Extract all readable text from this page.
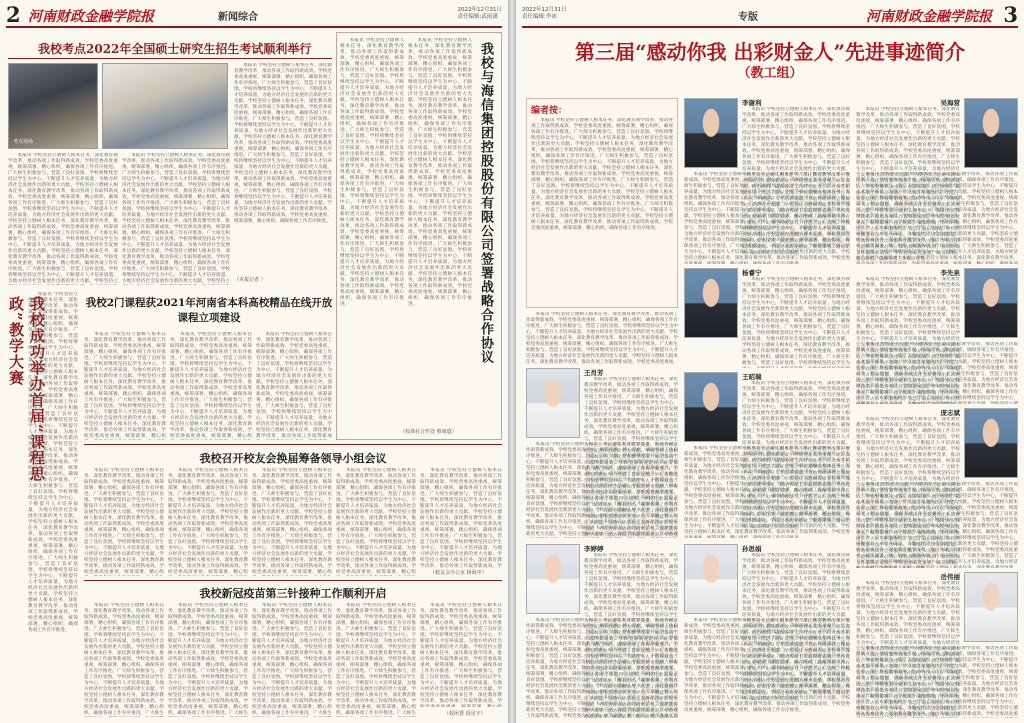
2 河南财政金融学院报	新闻综合
2022年12月31日
责任编辑:武雨潇
我校考点2022年全国硕士研究生招生考试顺利举行
考点现场
　　本报讯 学校坚持立德树人根本任务，深化教育教学改革，推动各项工作取得新成效。学校党委高度重视，统筹部署，精心组织，确保各项工作有序推进。广大师生积极参与，营造了良好氛围。学校将继续坚持以学生为中心，不断提升人才培养质量，为地方经济社会发展作出新的更大贡献。学校坚持立德树人根本任务，深化教育教学改革，推动各项工作取得新成效。学校党委高度重视，统筹部署，精心组织，确保各项工作有序推进。广大师生积极参与，营造了良好氛围。学校将继续坚持以学生为中心，不断提升人才培养质量，为地方经济社会发展作出新的更大贡献。学校坚持立德树人根本任务，深化教育教学改革，推动各项工作取得新成效。学校党委高度重视，统筹部署，精心组织，确保各项工作有序推进。广大师生积极参与，营造了良好氛围。学校将继续坚持以学生为中心，不断提升人才培养质量，为地方经济社会发展作出新的更大贡献。学校坚持立德树人根本任务，深化教育教学改革，推动各项工作取得新成效。学校党委高度重视，统筹部署，精心组织，确保各项工作有序推进。广大师生积极参与，营造了良好氛围。学校将继续坚持以学生为中心，不断提升人才培养质量，为地方经济社会发展作出新的更大贡献。学校坚持立德树人根本任务，深化教育教学改革，推动各项工作取得新成效。学校党委高度重视，统筹部署，精心组织，确保各项工作有序推进。
　　本报讯 学校坚持立德树人根本任务，深化教育教学改革，推动各项工作取得新成效。学校党委高度重视，统筹部署，精心组织，确保各项工作有序推进。广大师生积极参与，营造了良好氛围。学校将继续坚持以学生为中心，不断提升人才培养质量，为地方经济社会发展作出新的更大贡献。学校坚持立德树人根本任务，深化教育教学改革，推动各项工作取得新成效。学校党委高度重视，统筹部署，精心组织，确保各项工作有序推进。广大师生积极参与，营造了良好氛围。学校将继续坚持以学生为中心，不断提升人才培养质量，为地方经济社会发展作出新的更大贡献。学校坚持立德树人根本任务，深化教育教学改革，推动各项工作取得新成效。学校党委高度重视，统筹部署，精心组织，确保各项工作有序推进。广大师生积极参与，营造了良好氛围。学校将继续坚持以学生为中心，不断提升人才培养质量，为地方经济社会发展作出新的更大贡献。学校坚持立德树人根本任务，深化教育教学改革，推动各项工作取得新成效。学校党委高度重视，统筹部署，精心组织，确保各项工作有序推进。广大师生积极参与，营造了良好氛围。学校将继续坚持以学生为中心，不断提升人才培养质量，为地方经济社会发展作出新的更大贡献。学校坚持立德树人根本任务，深化教育教学改革，推动各项工作取得新成效。学校党委高度重视，统筹部署，精心组织，确保各项工作有序推进。
　　本报讯 学校坚持立德树人根本任务，深化教育教学改革，推动各项工作取得新成效。学校党委高度重视，统筹部署，精心组织，确保各项工作有序推进。广大师生积极参与，营造了良好氛围。学校将继续坚持以学生为中心，不断提升人才培养质量，为地方经济社会发展作出新的更大贡献。学校坚持立德树人根本任务，深化教育教学改革，推动各项工作取得新成效。学校党委高度重视，统筹部署，精心组织，确保各项工作有序推进。广大师生积极参与，营造了良好氛围。学校将继续坚持以学生为中心，不断提升人才培养质量，为地方经济社会发展作出新的更大贡献。学校坚持立德树人根本任务，深化教育教学改革，推动各项工作取得新成效。学校党委高度重视，统筹部署，精心组织，确保各项工作有序推进。广大师生积极参与，营造了良好氛围。学校将继续坚持以学生为中心，不断提升人才培养质量，为地方经济社会发展作出新的更大贡献。学校坚持立德树人根本任务，深化教育教学改革，推动各项工作取得新成效。学校党委高度重视，统筹部署，精心组织，确保各项工作有序推进。广大师生积极参与，营造了良好氛围。学校将继续坚持以学生为中心，不断提升人才培养质量，为地方经济社会发展作出新的更大贡献。学校坚持立德树人根本任务，深化教育教学改革，推动各项工作取得新成效。学校党委高度重视，统筹部署，精心组织，确保各项工作有序推进。
（本报记者 ）	我校与海信集团控股股份有限公司签署战略合作协议
　　本报讯 学校坚持立德树人根本任务，深化教育教学改革，推动各项工作取得新成效。学校党委高度重视，统筹部署，精心组织，确保各项工作有序推进。广大师生积极参与，营造了良好氛围。学校将继续坚持以学生为中心，不断提升人才培养质量，为地方经济社会发展作出新的更大贡献。学校坚持立德树人根本任务，深化教育教学改革，推动各项工作取得新成效。学校党委高度重视，统筹部署，精心组织，确保各项工作有序推进。广大师生积极参与，营造了良好氛围。学校将继续坚持以学生为中心，不断提升人才培养质量，为地方经济社会发展作出新的更大贡献。学校坚持立德树人根本任务，深化教育教学改革，推动各项工作取得新成效。学校党委高度重视，统筹部署，精心组织，确保各项工作有序推进。广大师生积极参与，营造了良好氛围。学校将继续坚持以学生为中心，不断提升人才培养质量，为地方经济社会发展作出新的更大贡献。学校坚持立德树人根本任务，深化教育教学改革，推动各项工作取得新成效。学校党委高度重视，统筹部署，精心组织，确保各项工作有序推进。广大师生积极参与，营造了良好氛围。学校将继续坚持以学生为中心，不断提升人才培养质量，为地方经济社会发展作出新的更大贡献。学校坚持立德树人根本任务，深化教育教学改革，推动各项工作取得新成效。学校党委高度重视，统筹部署，精心组织，确保各项工作有序推进。
　　本报讯 学校坚持立德树人根本任务，深化教育教学改革，推动各项工作取得新成效。学校党委高度重视，统筹部署，精心组织，确保各项工作有序推进。广大师生积极参与，营造了良好氛围。学校将继续坚持以学生为中心，不断提升人才培养质量，为地方经济社会发展作出新的更大贡献。学校坚持立德树人根本任务，深化教育教学改革，推动各项工作取得新成效。学校党委高度重视，统筹部署，精心组织，确保各项工作有序推进。广大师生积极参与，营造了良好氛围。学校将继续坚持以学生为中心，不断提升人才培养质量，为地方经济社会发展作出新的更大贡献。学校坚持立德树人根本任务，深化教育教学改革，推动各项工作取得新成效。学校党委高度重视，统筹部署，精心组织，确保各项工作有序推进。广大师生积极参与，营造了良好氛围。学校将继续坚持以学生为中心，不断提升人才培养质量，为地方经济社会发展作出新的更大贡献。学校坚持立德树人根本任务，深化教育教学改革，推动各项工作取得新成效。学校党委高度重视，统筹部署，精心组织，确保各项工作有序推进。广大师生积极参与，营造了良好氛围。学校将继续坚持以学生为中心，不断提升人才培养质量，为地方经济社会发展作出新的更大贡献。学校坚持立德树人根本任务，深化教育教学改革，推动各项工作取得新成效。学校党委高度重视，统筹部署，精心组织，确保各项工作有序推进。
（校战社合作处 蔡康道）
我校成功举办首届“课程思政”教学大赛 　　本报讯 学校坚持立德树人根本任务，深化教育教学改革，推动各项工作取得新成效。学校党委高度重视，统筹部署，精心组织，确保各项工作有序推进。广大师生积极参与，营造了良好氛围。学校将继续坚持以学生为中心，不断提升人才培养质量，为地方经济社会发展作出新的更大贡献。学校坚持立德树人根本任务，深化教育教学改革，推动各项工作取得新成效。学校党委高度重视，统筹部署，精心组织，确保各项工作有序推进。广大师生积极参与，营造了良好氛围。学校将继续坚持以学生为中心，不断提升人才培养质量，为地方经济社会发展作出新的更大贡献。学校坚持立德树人根本任务，深化教育教学改革，推动各项工作取得新成效。学校党委高度重视，统筹部署，精心组织，确保各项工作有序推进。广大师生积极参与，营造了良好氛围。学校将继续坚持以学生为中心，不断提升人才培养质量，为地方经济社会发展作出新的更大贡献。学校坚持立德树人根本任务，深化教育教学改革，推动各项工作取得新成效。学校党委高度重视，统筹部署，精心组织，确保各项工作有序推进。广大师生积极参与，营造了良好氛围。学校将继续坚持以学生为中心，不断提升人才培养质量，为地方经济社会发展作出新的更大贡献。学校坚持立德树人根本任务，深化教育教学改革，推动各项工作取得新成效。学校党委高度重视，统筹部署，精心组织，确保各项工作有序推进。	我校2门课程获2021年河南省本科高校精品在线开放课程立项建设
　　本报讯 学校坚持立德树人根本任务，深化教育教学改革，推动各项工作取得新成效。学校党委高度重视，统筹部署，精心组织，确保各项工作有序推进。广大师生积极参与，营造了良好氛围。学校将继续坚持以学生为中心，不断提升人才培养质量，为地方经济社会发展作出新的更大贡献。学校坚持立德树人根本任务，深化教育教学改革，推动各项工作取得新成效。学校党委高度重视，统筹部署，精心组织，确保各项工作有序推进。广大师生积极参与，营造了良好氛围。学校将继续坚持以学生为中心，不断提升人才培养质量，为地方经济社会发展作出新的更大贡献。学校坚持立德树人根本任务，深化教育教学改革，推动各项工作取得新成效。学校党委高度重视，统筹部署，精心组织，确保各项工作有序推进。广大师生积极参与，营造了良好氛围。学校将继续坚持以学生为中心，不断提升人才培养质量，为地方经济社会发展作出新的更大贡献。学校坚持立德树人根本任务，深化教育教学改革，推动各项工作取得新成效。学校党委高度重视，统筹部署，精心组织，确保各项工作有序推进。广大师生积极参与，营造了良好氛围。学校将继续坚持以学生为中心，不断提升人才培养质量，为地方经济社会发展作出新的更大贡献。学校坚持立德树人根本任务，深化教育教学改革，推动各项工作取得新成效。学校党委高度重视，统筹部署，精心组织，确保各项工作有序推进。
　　本报讯 学校坚持立德树人根本任务，深化教育教学改革，推动各项工作取得新成效。学校党委高度重视，统筹部署，精心组织，确保各项工作有序推进。广大师生积极参与，营造了良好氛围。学校将继续坚持以学生为中心，不断提升人才培养质量，为地方经济社会发展作出新的更大贡献。学校坚持立德树人根本任务，深化教育教学改革，推动各项工作取得新成效。学校党委高度重视，统筹部署，精心组织，确保各项工作有序推进。广大师生积极参与，营造了良好氛围。学校将继续坚持以学生为中心，不断提升人才培养质量，为地方经济社会发展作出新的更大贡献。学校坚持立德树人根本任务，深化教育教学改革，推动各项工作取得新成效。学校党委高度重视，统筹部署，精心组织，确保各项工作有序推进。广大师生积极参与，营造了良好氛围。学校将继续坚持以学生为中心，不断提升人才培养质量，为地方经济社会发展作出新的更大贡献。学校坚持立德树人根本任务，深化教育教学改革，推动各项工作取得新成效。学校党委高度重视，统筹部署，精心组织，确保各项工作有序推进。广大师生积极参与，营造了良好氛围。学校将继续坚持以学生为中心，不断提升人才培养质量，为地方经济社会发展作出新的更大贡献。学校坚持立德树人根本任务，深化教育教学改革，推动各项工作取得新成效。学校党委高度重视，统筹部署，精心组织，确保各项工作有序推进。
　　本报讯 学校坚持立德树人根本任务，深化教育教学改革，推动各项工作取得新成效。学校党委高度重视，统筹部署，精心组织，确保各项工作有序推进。广大师生积极参与，营造了良好氛围。学校将继续坚持以学生为中心，不断提升人才培养质量，为地方经济社会发展作出新的更大贡献。学校坚持立德树人根本任务，深化教育教学改革，推动各项工作取得新成效。学校党委高度重视，统筹部署，精心组织，确保各项工作有序推进。广大师生积极参与，营造了良好氛围。学校将继续坚持以学生为中心，不断提升人才培养质量，为地方经济社会发展作出新的更大贡献。学校坚持立德树人根本任务，深化教育教学改革，推动各项工作取得新成效。学校党委高度重视，统筹部署，精心组织，确保各项工作有序推进。广大师生积极参与，营造了良好氛围。学校将继续坚持以学生为中心，不断提升人才培养质量，为地方经济社会发展作出新的更大贡献。学校坚持立德树人根本任务，深化教育教学改革，推动各项工作取得新成效。学校党委高度重视，统筹部署，精心组织，确保各项工作有序推进。广大师生积极参与，营造了良好氛围。学校将继续坚持以学生为中心，不断提升人才培养质量，为地方经济社会发展作出新的更大贡献。学校坚持立德树人根本任务，深化教育教学改革，推动各项工作取得新成效。学校党委高度重视，统筹部署，精心组织，确保各项工作有序推进。
我校召开校友会换届筹备领导小组会议
　　本报讯 学校坚持立德树人根本任务，深化教育教学改革，推动各项工作取得新成效。学校党委高度重视，统筹部署，精心组织，确保各项工作有序推进。广大师生积极参与，营造了良好氛围。学校将继续坚持以学生为中心，不断提升人才培养质量，为地方经济社会发展作出新的更大贡献。学校坚持立德树人根本任务，深化教育教学改革，推动各项工作取得新成效。学校党委高度重视，统筹部署，精心组织，确保各项工作有序推进。广大师生积极参与，营造了良好氛围。学校将继续坚持以学生为中心，不断提升人才培养质量，为地方经济社会发展作出新的更大贡献。学校坚持立德树人根本任务，深化教育教学改革，推动各项工作取得新成效。学校党委高度重视，统筹部署，精心组织，确保各项工作有序推进。广大师生积极参与，营造了良好氛围。学校将继续坚持以学生为中心，不断提升人才培养质量，为地方经济社会发展作出新的更大贡献。学校坚持立德树人根本任务，深化教育教学改革，推动各项工作取得新成效。学校党委高度重视，统筹部署，精心组织，确保各项工作有序推进。广大师生积极参与，营造了良好氛围。学校将继续坚持以学生为中心，不断提升人才培养质量，为地方经济社会发展作出新的更大贡献。学校坚持立德树人根本任务，深化教育教学改革，推动各项工作取得新成效。学校党委高度重视，统筹部署，精心组织，确保各项工作有序推进。
　　本报讯 学校坚持立德树人根本任务，深化教育教学改革，推动各项工作取得新成效。学校党委高度重视，统筹部署，精心组织，确保各项工作有序推进。广大师生积极参与，营造了良好氛围。学校将继续坚持以学生为中心，不断提升人才培养质量，为地方经济社会发展作出新的更大贡献。学校坚持立德树人根本任务，深化教育教学改革，推动各项工作取得新成效。学校党委高度重视，统筹部署，精心组织，确保各项工作有序推进。广大师生积极参与，营造了良好氛围。学校将继续坚持以学生为中心，不断提升人才培养质量，为地方经济社会发展作出新的更大贡献。学校坚持立德树人根本任务，深化教育教学改革，推动各项工作取得新成效。学校党委高度重视，统筹部署，精心组织，确保各项工作有序推进。广大师生积极参与，营造了良好氛围。学校将继续坚持以学生为中心，不断提升人才培养质量，为地方经济社会发展作出新的更大贡献。学校坚持立德树人根本任务，深化教育教学改革，推动各项工作取得新成效。学校党委高度重视，统筹部署，精心组织，确保各项工作有序推进。广大师生积极参与，营造了良好氛围。学校将继续坚持以学生为中心，不断提升人才培养质量，为地方经济社会发展作出新的更大贡献。学校坚持立德树人根本任务，深化教育教学改革，推动各项工作取得新成效。学校党委高度重视，统筹部署，精心组织，确保各项工作有序推进。
　　本报讯 学校坚持立德树人根本任务，深化教育教学改革，推动各项工作取得新成效。学校党委高度重视，统筹部署，精心组织，确保各项工作有序推进。广大师生积极参与，营造了良好氛围。学校将继续坚持以学生为中心，不断提升人才培养质量，为地方经济社会发展作出新的更大贡献。学校坚持立德树人根本任务，深化教育教学改革，推动各项工作取得新成效。学校党委高度重视，统筹部署，精心组织，确保各项工作有序推进。广大师生积极参与，营造了良好氛围。学校将继续坚持以学生为中心，不断提升人才培养质量，为地方经济社会发展作出新的更大贡献。学校坚持立德树人根本任务，深化教育教学改革，推动各项工作取得新成效。学校党委高度重视，统筹部署，精心组织，确保各项工作有序推进。广大师生积极参与，营造了良好氛围。学校将继续坚持以学生为中心，不断提升人才培养质量，为地方经济社会发展作出新的更大贡献。学校坚持立德树人根本任务，深化教育教学改革，推动各项工作取得新成效。学校党委高度重视，统筹部署，精心组织，确保各项工作有序推进。广大师生积极参与，营造了良好氛围。学校将继续坚持以学生为中心，不断提升人才培养质量，为地方经济社会发展作出新的更大贡献。学校坚持立德树人根本任务，深化教育教学改革，推动各项工作取得新成效。学校党委高度重视，统筹部署，精心组织，确保各项工作有序推进。
　　本报讯 学校坚持立德树人根本任务，深化教育教学改革，推动各项工作取得新成效。学校党委高度重视，统筹部署，精心组织，确保各项工作有序推进。广大师生积极参与，营造了良好氛围。学校将继续坚持以学生为中心，不断提升人才培养质量，为地方经济社会发展作出新的更大贡献。学校坚持立德树人根本任务，深化教育教学改革，推动各项工作取得新成效。学校党委高度重视，统筹部署，精心组织，确保各项工作有序推进。广大师生积极参与，营造了良好氛围。学校将继续坚持以学生为中心，不断提升人才培养质量，为地方经济社会发展作出新的更大贡献。学校坚持立德树人根本任务，深化教育教学改革，推动各项工作取得新成效。学校党委高度重视，统筹部署，精心组织，确保各项工作有序推进。广大师生积极参与，营造了良好氛围。学校将继续坚持以学生为中心，不断提升人才培养质量，为地方经济社会发展作出新的更大贡献。学校坚持立德树人根本任务，深化教育教学改革，推动各项工作取得新成效。学校党委高度重视，统筹部署，精心组织，确保各项工作有序推进。广大师生积极参与，营造了良好氛围。学校将继续坚持以学生为中心，不断提升人才培养质量，为地方经济社会发展作出新的更大贡献。学校坚持立德树人根本任务，深化教育教学改革，推动各项工作取得新成效。学校党委高度重视，统筹部署，精心组织，确保各项工作有序推进。
　　本报讯 学校坚持立德树人根本任务，深化教育教学改革，推动各项工作取得新成效。学校党委高度重视，统筹部署，精心组织，确保各项工作有序推进。广大师生积极参与，营造了良好氛围。学校将继续坚持以学生为中心，不断提升人才培养质量，为地方经济社会发展作出新的更大贡献。学校坚持立德树人根本任务，深化教育教学改革，推动各项工作取得新成效。学校党委高度重视，统筹部署，精心组织，确保各项工作有序推进。广大师生积极参与，营造了良好氛围。学校将继续坚持以学生为中心，不断提升人才培养质量，为地方经济社会发展作出新的更大贡献。学校坚持立德树人根本任务，深化教育教学改革，推动各项工作取得新成效。学校党委高度重视，统筹部署，精心组织，确保各项工作有序推进。广大师生积极参与，营造了良好氛围。学校将继续坚持以学生为中心，不断提升人才培养质量，为地方经济社会发展作出新的更大贡献。学校坚持立德树人根本任务，深化教育教学改革，推动各项工作取得新成效。学校党委高度重视，统筹部署，精心组织，确保各项工作有序推进。广大师生积极参与，营造了良好氛围。学校将继续坚持以学生为中心，不断提升人才培养质量，为地方经济社会发展作出新的更大贡献。学校坚持立德树人根本任务，深化教育教学改革，推动各项工作取得新成效。学校党委高度重视，统筹部署，精心组织，确保各项工作有序推进。
（校友会办公室 杨海中）
我校新冠疫苗第三针接种工作顺利开启
　　本报讯 学校坚持立德树人根本任务，深化教育教学改革，推动各项工作取得新成效。学校党委高度重视，统筹部署，精心组织，确保各项工作有序推进。广大师生积极参与，营造了良好氛围。学校将继续坚持以学生为中心，不断提升人才培养质量，为地方经济社会发展作出新的更大贡献。学校坚持立德树人根本任务，深化教育教学改革，推动各项工作取得新成效。学校党委高度重视，统筹部署，精心组织，确保各项工作有序推进。广大师生积极参与，营造了良好氛围。学校将继续坚持以学生为中心，不断提升人才培养质量，为地方经济社会发展作出新的更大贡献。学校坚持立德树人根本任务，深化教育教学改革，推动各项工作取得新成效。学校党委高度重视，统筹部署，精心组织，确保各项工作有序推进。广大师生积极参与，营造了良好氛围。学校将继续坚持以学生为中心，不断提升人才培养质量，为地方经济社会发展作出新的更大贡献。学校坚持立德树人根本任务，深化教育教学改革，推动各项工作取得新成效。学校党委高度重视，统筹部署，精心组织，确保各项工作有序推进。广大师生积极参与，营造了良好氛围。学校将继续坚持以学生为中心，不断提升人才培养质量，为地方经济社会发展作出新的更大贡献。学校坚持立德树人根本任务，深化教育教学改革，推动各项工作取得新成效。学校党委高度重视，统筹部署，精心组织，确保各项工作有序推进。
　　本报讯 学校坚持立德树人根本任务，深化教育教学改革，推动各项工作取得新成效。学校党委高度重视，统筹部署，精心组织，确保各项工作有序推进。广大师生积极参与，营造了良好氛围。学校将继续坚持以学生为中心，不断提升人才培养质量，为地方经济社会发展作出新的更大贡献。学校坚持立德树人根本任务，深化教育教学改革，推动各项工作取得新成效。学校党委高度重视，统筹部署，精心组织，确保各项工作有序推进。广大师生积极参与，营造了良好氛围。学校将继续坚持以学生为中心，不断提升人才培养质量，为地方经济社会发展作出新的更大贡献。学校坚持立德树人根本任务，深化教育教学改革，推动各项工作取得新成效。学校党委高度重视，统筹部署，精心组织，确保各项工作有序推进。广大师生积极参与，营造了良好氛围。学校将继续坚持以学生为中心，不断提升人才培养质量，为地方经济社会发展作出新的更大贡献。学校坚持立德树人根本任务，深化教育教学改革，推动各项工作取得新成效。学校党委高度重视，统筹部署，精心组织，确保各项工作有序推进。广大师生积极参与，营造了良好氛围。学校将继续坚持以学生为中心，不断提升人才培养质量，为地方经济社会发展作出新的更大贡献。学校坚持立德树人根本任务，深化教育教学改革，推动各项工作取得新成效。学校党委高度重视，统筹部署，精心组织，确保各项工作有序推进。
　　本报讯 学校坚持立德树人根本任务，深化教育教学改革，推动各项工作取得新成效。学校党委高度重视，统筹部署，精心组织，确保各项工作有序推进。广大师生积极参与，营造了良好氛围。学校将继续坚持以学生为中心，不断提升人才培养质量，为地方经济社会发展作出新的更大贡献。学校坚持立德树人根本任务，深化教育教学改革，推动各项工作取得新成效。学校党委高度重视，统筹部署，精心组织，确保各项工作有序推进。广大师生积极参与，营造了良好氛围。学校将继续坚持以学生为中心，不断提升人才培养质量，为地方经济社会发展作出新的更大贡献。学校坚持立德树人根本任务，深化教育教学改革，推动各项工作取得新成效。学校党委高度重视，统筹部署，精心组织，确保各项工作有序推进。广大师生积极参与，营造了良好氛围。学校将继续坚持以学生为中心，不断提升人才培养质量，为地方经济社会发展作出新的更大贡献。学校坚持立德树人根本任务，深化教育教学改革，推动各项工作取得新成效。学校党委高度重视，统筹部署，精心组织，确保各项工作有序推进。广大师生积极参与，营造了良好氛围。学校将继续坚持以学生为中心，不断提升人才培养质量，为地方经济社会发展作出新的更大贡献。学校坚持立德树人根本任务，深化教育教学改革，推动各项工作取得新成效。学校党委高度重视，统筹部署，精心组织，确保各项工作有序推进。
　　本报讯 学校坚持立德树人根本任务，深化教育教学改革，推动各项工作取得新成效。学校党委高度重视，统筹部署，精心组织，确保各项工作有序推进。广大师生积极参与，营造了良好氛围。学校将继续坚持以学生为中心，不断提升人才培养质量，为地方经济社会发展作出新的更大贡献。学校坚持立德树人根本任务，深化教育教学改革，推动各项工作取得新成效。学校党委高度重视，统筹部署，精心组织，确保各项工作有序推进。广大师生积极参与，营造了良好氛围。学校将继续坚持以学生为中心，不断提升人才培养质量，为地方经济社会发展作出新的更大贡献。学校坚持立德树人根本任务，深化教育教学改革，推动各项工作取得新成效。学校党委高度重视，统筹部署，精心组织，确保各项工作有序推进。广大师生积极参与，营造了良好氛围。学校将继续坚持以学生为中心，不断提升人才培养质量，为地方经济社会发展作出新的更大贡献。学校坚持立德树人根本任务，深化教育教学改革，推动各项工作取得新成效。学校党委高度重视，统筹部署，精心组织，确保各项工作有序推进。广大师生积极参与，营造了良好氛围。学校将继续坚持以学生为中心，不断提升人才培养质量，为地方经济社会发展作出新的更大贡献。学校坚持立德树人根本任务，深化教育教学改革，推动各项工作取得新成效。学校党委高度重视，统筹部署，精心组织，确保各项工作有序推进。
　　本报讯 学校坚持立德树人根本任务，深化教育教学改革，推动各项工作取得新成效。学校党委高度重视，统筹部署，精心组织，确保各项工作有序推进。广大师生积极参与，营造了良好氛围。学校将继续坚持以学生为中心，不断提升人才培养质量，为地方经济社会发展作出新的更大贡献。学校坚持立德树人根本任务，深化教育教学改革，推动各项工作取得新成效。学校党委高度重视，统筹部署，精心组织，确保各项工作有序推进。广大师生积极参与，营造了良好氛围。学校将继续坚持以学生为中心，不断提升人才培养质量，为地方经济社会发展作出新的更大贡献。学校坚持立德树人根本任务，深化教育教学改革，推动各项工作取得新成效。学校党委高度重视，统筹部署，精心组织，确保各项工作有序推进。广大师生积极参与，营造了良好氛围。学校将继续坚持以学生为中心，不断提升人才培养质量，为地方经济社会发展作出新的更大贡献。学校坚持立德树人根本任务，深化教育教学改革，推动各项工作取得新成效。学校党委高度重视，统筹部署，精心组织，确保各项工作有序推进。广大师生积极参与，营造了良好氛围。学校将继续坚持以学生为中心，不断提升人才培养质量，为地方经济社会发展作出新的更大贡献。学校坚持立德树人根本任务，深化教育教学改革，推动各项工作取得新成效。学校党委高度重视，统筹部署，精心组织，确保各项工作有序推进。
（校团委 段星宇）
2022年12月31日
责任编辑:李冰	专版	河南财政金融学院报 3
第三届“感动你我 出彩财金人”先进事迹简介
（教工组）
编者按：
　　本报讯 学校坚持立德树人根本任务，深化教育教学改革，推动各项工作取得新成效。学校党委高度重视，统筹部署，精心组织，确保各项工作有序推进。广大师生积极参与，营造了良好氛围。学校将继续坚持以学生为中心，不断提升人才培养质量，为地方经济社会发展作出新的更大贡献。学校坚持立德树人根本任务，深化教育教学改革，推动各项工作取得新成效。学校党委高度重视，统筹部署，精心组织，确保各项工作有序推进。广大师生积极参与，营造了良好氛围。学校将继续坚持以学生为中心，不断提升人才培养质量，为地方经济社会发展作出新的更大贡献。学校坚持立德树人根本任务，深化教育教学改革，推动各项工作取得新成效。学校党委高度重视，统筹部署，精心组织，确保各项工作有序推进。广大师生积极参与，营造了良好氛围。学校将继续坚持以学生为中心，不断提升人才培养质量，为地方经济社会发展作出新的更大贡献。学校坚持立德树人根本任务，深化教育教学改革，推动各项工作取得新成效。学校党委高度重视，统筹部署，精心组织，确保各项工作有序推进。广大师生积极参与，营造了良好氛围。学校将继续坚持以学生为中心，不断提升人才培养质量，为地方经济社会发展作出新的更大贡献。学校坚持立德树人根本任务，深化教育教学改革，推动各项工作取得新成效。学校党委高度重视，统筹部署，精心组织，确保各项工作有序推进。
　　本报讯 学校坚持立德树人根本任务，深化教育教学改革，推动各项工作取得新成效。学校党委高度重视，统筹部署，精心组织，确保各项工作有序推进。广大师生积极参与，营造了良好氛围。学校将继续坚持以学生为中心，不断提升人才培养质量，为地方经济社会发展作出新的更大贡献。学校坚持立德树人根本任务，深化教育教学改革，推动各项工作取得新成效。学校党委高度重视，统筹部署，精心组织，确保各项工作有序推进。广大师生积极参与，营造了良好氛围。学校将继续坚持以学生为中心，不断提升人才培养质量，为地方经济社会发展作出新的更大贡献。学校坚持立德树人根本任务，深化教育教学改革，推动各项工作取得新成效。学校党委高度重视，统筹部署，精心组织，确保各项工作有序推进。广大师生积极参与，营造了良好氛围。学校将继续坚持以学生为中心，不断提升人才培养质量，为地方经济社会发展作出新的更大贡献。学校坚持立德树人根本任务，深化教育教学改革，推动各项工作取得新成效。学校党委高度重视，统筹部署，精心组织，确保各项工作有序推进。广大师生积极参与，营造了良好氛围。学校将继续坚持以学生为中心，不断提升人才培养质量，为地方经济社会发展作出新的更大贡献。学校坚持立德树人根本任务，深化教育教学改革，推动各项工作取得新成效。学校党委高度重视，统筹部署，精心组织，确保各项工作有序推进。
李谢利
　　本报讯 学校坚持立德树人根本任务，深化教育教学改革，推动各项工作取得新成效。学校党委高度重视，统筹部署，精心组织，确保各项工作有序推进。广大师生积极参与，营造了良好氛围。学校将继续坚持以学生为中心，不断提升人才培养质量，为地方经济社会发展作出新的更大贡献。学校坚持立德树人根本任务，深化教育教学改革，推动各项工作取得新成效。学校党委高度重视，统筹部署，精心组织，确保各项工作有序推进。广大师生积极参与，营造了良好氛围。学校将继续坚持以学生为中心，不断提升人才培养质量，为地方经济社会发展作出新的更大贡献。学校坚持立德树人根本任务，深化教育教学改革，推动各项工作取得新成效。学校党委高度重视，统筹部署，精心组织，确保各项工作有序推进。广大师生积极参与，营造了良好氛围。学校将继续坚持以学生为中心，不断提升人才培养质量，为地方经济社会发展作出新的更大贡献。学校坚持立德树人根本任务，深化教育教学改革，推动各项工作取得新成效。学校党委高度重视，统筹部署，精心组织，确保各项工作有序推进。广大师生积极参与，营造了良好氛围。学校将继续坚持以学生为中心，不断提升人才培养质量，为地方经济社会发展作出新的更大贡献。学校坚持立德树人根本任务，深化教育教学改革，推动各项工作取得新成效。学校党委高度重视，统筹部署，精心组织，确保各项工作有序推进。
　　本报讯 学校坚持立德树人根本任务，深化教育教学改革，推动各项工作取得新成效。学校党委高度重视，统筹部署，精心组织，确保各项工作有序推进。广大师生积极参与，营造了良好氛围。学校将继续坚持以学生为中心，不断提升人才培养质量，为地方经济社会发展作出新的更大贡献。学校坚持立德树人根本任务，深化教育教学改革，推动各项工作取得新成效。学校党委高度重视，统筹部署，精心组织，确保各项工作有序推进。广大师生积极参与，营造了良好氛围。学校将继续坚持以学生为中心，不断提升人才培养质量，为地方经济社会发展作出新的更大贡献。学校坚持立德树人根本任务，深化教育教学改革，推动各项工作取得新成效。学校党委高度重视，统筹部署，精心组织，确保各项工作有序推进。广大师生积极参与，营造了良好氛围。学校将继续坚持以学生为中心，不断提升人才培养质量，为地方经济社会发展作出新的更大贡献。学校坚持立德树人根本任务，深化教育教学改革，推动各项工作取得新成效。学校党委高度重视，统筹部署，精心组织，确保各项工作有序推进。广大师生积极参与，营造了良好氛围。学校将继续坚持以学生为中心，不断提升人才培养质量，为地方经济社会发展作出新的更大贡献。学校坚持立德树人根本任务，深化教育教学改革，推动各项工作取得新成效。学校党委高度重视，统筹部署，精心组织，确保各项工作有序推进。	吴海营
　　本报讯 学校坚持立德树人根本任务，深化教育教学改革，推动各项工作取得新成效。学校党委高度重视，统筹部署，精心组织，确保各项工作有序推进。广大师生积极参与，营造了良好氛围。学校将继续坚持以学生为中心，不断提升人才培养质量，为地方经济社会发展作出新的更大贡献。学校坚持立德树人根本任务，深化教育教学改革，推动各项工作取得新成效。学校党委高度重视，统筹部署，精心组织，确保各项工作有序推进。广大师生积极参与，营造了良好氛围。学校将继续坚持以学生为中心，不断提升人才培养质量，为地方经济社会发展作出新的更大贡献。学校坚持立德树人根本任务，深化教育教学改革，推动各项工作取得新成效。学校党委高度重视，统筹部署，精心组织，确保各项工作有序推进。广大师生积极参与，营造了良好氛围。学校将继续坚持以学生为中心，不断提升人才培养质量，为地方经济社会发展作出新的更大贡献。学校坚持立德树人根本任务，深化教育教学改革，推动各项工作取得新成效。学校党委高度重视，统筹部署，精心组织，确保各项工作有序推进。广大师生积极参与，营造了良好氛围。学校将继续坚持以学生为中心，不断提升人才培养质量，为地方经济社会发展作出新的更大贡献。学校坚持立德树人根本任务，深化教育教学改革，推动各项工作取得新成效。学校党委高度重视，统筹部署，精心组织，确保各项工作有序推进。
　　本报讯 学校坚持立德树人根本任务，深化教育教学改革，推动各项工作取得新成效。学校党委高度重视，统筹部署，精心组织，确保各项工作有序推进。广大师生积极参与，营造了良好氛围。学校将继续坚持以学生为中心，不断提升人才培养质量，为地方经济社会发展作出新的更大贡献。学校坚持立德树人根本任务，深化教育教学改革，推动各项工作取得新成效。学校党委高度重视，统筹部署，精心组织，确保各项工作有序推进。广大师生积极参与，营造了良好氛围。学校将继续坚持以学生为中心，不断提升人才培养质量，为地方经济社会发展作出新的更大贡献。学校坚持立德树人根本任务，深化教育教学改革，推动各项工作取得新成效。学校党委高度重视，统筹部署，精心组织，确保各项工作有序推进。广大师生积极参与，营造了良好氛围。学校将继续坚持以学生为中心，不断提升人才培养质量，为地方经济社会发展作出新的更大贡献。学校坚持立德树人根本任务，深化教育教学改革，推动各项工作取得新成效。学校党委高度重视，统筹部署，精心组织，确保各项工作有序推进。广大师生积极参与，营造了良好氛围。学校将继续坚持以学生为中心，不断提升人才培养质量，为地方经济社会发展作出新的更大贡献。学校坚持立德树人根本任务，深化教育教学改革，推动各项工作取得新成效。学校党委高度重视，统筹部署，精心组织，确保各项工作有序推进。
杨睿宁
　　本报讯 学校坚持立德树人根本任务，深化教育教学改革，推动各项工作取得新成效。学校党委高度重视，统筹部署，精心组织，确保各项工作有序推进。广大师生积极参与，营造了良好氛围。学校将继续坚持以学生为中心，不断提升人才培养质量，为地方经济社会发展作出新的更大贡献。学校坚持立德树人根本任务，深化教育教学改革，推动各项工作取得新成效。学校党委高度重视，统筹部署，精心组织，确保各项工作有序推进。广大师生积极参与，营造了良好氛围。学校将继续坚持以学生为中心，不断提升人才培养质量，为地方经济社会发展作出新的更大贡献。学校坚持立德树人根本任务，深化教育教学改革，推动各项工作取得新成效。学校党委高度重视，统筹部署，精心组织，确保各项工作有序推进。广大师生积极参与，营造了良好氛围。学校将继续坚持以学生为中心，不断提升人才培养质量，为地方经济社会发展作出新的更大贡献。学校坚持立德树人根本任务，深化教育教学改革，推动各项工作取得新成效。学校党委高度重视，统筹部署，精心组织，确保各项工作有序推进。广大师生积极参与，营造了良好氛围。学校将继续坚持以学生为中心，不断提升人才培养质量，为地方经济社会发展作出新的更大贡献。学校坚持立德树人根本任务，深化教育教学改革，推动各项工作取得新成效。学校党委高度重视，统筹部署，精心组织，确保各项工作有序推进。	李先泉
　　本报讯 学校坚持立德树人根本任务，深化教育教学改革，推动各项工作取得新成效。学校党委高度重视，统筹部署，精心组织，确保各项工作有序推进。广大师生积极参与，营造了良好氛围。学校将继续坚持以学生为中心，不断提升人才培养质量，为地方经济社会发展作出新的更大贡献。学校坚持立德树人根本任务，深化教育教学改革，推动各项工作取得新成效。学校党委高度重视，统筹部署，精心组织，确保各项工作有序推进。广大师生积极参与，营造了良好氛围。学校将继续坚持以学生为中心，不断提升人才培养质量，为地方经济社会发展作出新的更大贡献。学校坚持立德树人根本任务，深化教育教学改革，推动各项工作取得新成效。学校党委高度重视，统筹部署，精心组织，确保各项工作有序推进。广大师生积极参与，营造了良好氛围。学校将继续坚持以学生为中心，不断提升人才培养质量，为地方经济社会发展作出新的更大贡献。学校坚持立德树人根本任务，深化教育教学改革，推动各项工作取得新成效。学校党委高度重视，统筹部署，精心组织，确保各项工作有序推进。广大师生积极参与，营造了良好氛围。学校将继续坚持以学生为中心，不断提升人才培养质量，为地方经济社会发展作出新的更大贡献。学校坚持立德树人根本任务，深化教育教学改革，推动各项工作取得新成效。学校党委高度重视，统筹部署，精心组织，确保各项工作有序推进。
　　本报讯 学校坚持立德树人根本任务，深化教育教学改革，推动各项工作取得新成效。学校党委高度重视，统筹部署，精心组织，确保各项工作有序推进。广大师生积极参与，营造了良好氛围。学校将继续坚持以学生为中心，不断提升人才培养质量，为地方经济社会发展作出新的更大贡献。学校坚持立德树人根本任务，深化教育教学改革，推动各项工作取得新成效。学校党委高度重视，统筹部署，精心组织，确保各项工作有序推进。广大师生积极参与，营造了良好氛围。学校将继续坚持以学生为中心，不断提升人才培养质量，为地方经济社会发展作出新的更大贡献。学校坚持立德树人根本任务，深化教育教学改革，推动各项工作取得新成效。学校党委高度重视，统筹部署，精心组织，确保各项工作有序推进。广大师生积极参与，营造了良好氛围。学校将继续坚持以学生为中心，不断提升人才培养质量，为地方经济社会发展作出新的更大贡献。学校坚持立德树人根本任务，深化教育教学改革，推动各项工作取得新成效。学校党委高度重视，统筹部署，精心组织，确保各项工作有序推进。广大师生积极参与，营造了良好氛围。学校将继续坚持以学生为中心，不断提升人才培养质量，为地方经济社会发展作出新的更大贡献。学校坚持立德树人根本任务，深化教育教学改革，推动各项工作取得新成效。学校党委高度重视，统筹部署，精心组织，确保各项工作有序推进。
王肖芳 　　本报讯 学校坚持立德树人根本任务，深化教育教学改革，推动各项工作取得新成效。学校党委高度重视，统筹部署，精心组织，确保各项工作有序推进。广大师生积极参与，营造了良好氛围。学校将继续坚持以学生为中心，不断提升人才培养质量，为地方经济社会发展作出新的更大贡献。学校坚持立德树人根本任务，深化教育教学改革，推动各项工作取得新成效。学校党委高度重视，统筹部署，精心组织，确保各项工作有序推进。广大师生积极参与，营造了良好氛围。学校将继续坚持以学生为中心，不断提升人才培养质量，为地方经济社会发展作出新的更大贡献。学校坚持立德树人根本任务，深化教育教学改革，推动各项工作取得新成效。学校党委高度重视，统筹部署，精心组织，确保各项工作有序推进。广大师生积极参与，营造了良好氛围。学校将继续坚持以学生为中心，不断提升人才培养质量，为地方经济社会发展作出新的更大贡献。学校坚持立德树人根本任务，深化教育教学改革，推动各项工作取得新成效。学校党委高度重视，统筹部署，精心组织，确保各项工作有序推进。广大师生积极参与，营造了良好氛围。学校将继续坚持以学生为中心，不断提升人才培养质量，为地方经济社会发展作出新的更大贡献。学校坚持立德树人根本任务，深化教育教学改革，推动各项工作取得新成效。学校党委高度重视，统筹部署，精心组织，确保各项工作有序推进。
　　本报讯 学校坚持立德树人根本任务，深化教育教学改革，推动各项工作取得新成效。学校党委高度重视，统筹部署，精心组织，确保各项工作有序推进。广大师生积极参与，营造了良好氛围。学校将继续坚持以学生为中心，不断提升人才培养质量，为地方经济社会发展作出新的更大贡献。学校坚持立德树人根本任务，深化教育教学改革，推动各项工作取得新成效。学校党委高度重视，统筹部署，精心组织，确保各项工作有序推进。广大师生积极参与，营造了良好氛围。学校将继续坚持以学生为中心，不断提升人才培养质量，为地方经济社会发展作出新的更大贡献。学校坚持立德树人根本任务，深化教育教学改革，推动各项工作取得新成效。学校党委高度重视，统筹部署，精心组织，确保各项工作有序推进。广大师生积极参与，营造了良好氛围。学校将继续坚持以学生为中心，不断提升人才培养质量，为地方经济社会发展作出新的更大贡献。学校坚持立德树人根本任务，深化教育教学改革，推动各项工作取得新成效。学校党委高度重视，统筹部署，精心组织，确保各项工作有序推进。广大师生积极参与，营造了良好氛围。学校将继续坚持以学生为中心，不断提升人才培养质量，为地方经济社会发展作出新的更大贡献。学校坚持立德树人根本任务，深化教育教学改革，推动各项工作取得新成效。学校党委高度重视，统筹部署，精心组织，确保各项工作有序推进。	王昭瑞
　　本报讯 学校坚持立德树人根本任务，深化教育教学改革，推动各项工作取得新成效。学校党委高度重视，统筹部署，精心组织，确保各项工作有序推进。广大师生积极参与，营造了良好氛围。学校将继续坚持以学生为中心，不断提升人才培养质量，为地方经济社会发展作出新的更大贡献。学校坚持立德树人根本任务，深化教育教学改革，推动各项工作取得新成效。学校党委高度重视，统筹部署，精心组织，确保各项工作有序推进。广大师生积极参与，营造了良好氛围。学校将继续坚持以学生为中心，不断提升人才培养质量，为地方经济社会发展作出新的更大贡献。学校坚持立德树人根本任务，深化教育教学改革，推动各项工作取得新成效。学校党委高度重视，统筹部署，精心组织，确保各项工作有序推进。广大师生积极参与，营造了良好氛围。学校将继续坚持以学生为中心，不断提升人才培养质量，为地方经济社会发展作出新的更大贡献。学校坚持立德树人根本任务，深化教育教学改革，推动各项工作取得新成效。学校党委高度重视，统筹部署，精心组织，确保各项工作有序推进。广大师生积极参与，营造了良好氛围。学校将继续坚持以学生为中心，不断提升人才培养质量，为地方经济社会发展作出新的更大贡献。学校坚持立德树人根本任务，深化教育教学改革，推动各项工作取得新成效。学校党委高度重视，统筹部署，精心组织，确保各项工作有序推进。
　　本报讯 学校坚持立德树人根本任务，深化教育教学改革，推动各项工作取得新成效。学校党委高度重视，统筹部署，精心组织，确保各项工作有序推进。广大师生积极参与，营造了良好氛围。学校将继续坚持以学生为中心，不断提升人才培养质量，为地方经济社会发展作出新的更大贡献。学校坚持立德树人根本任务，深化教育教学改革，推动各项工作取得新成效。学校党委高度重视，统筹部署，精心组织，确保各项工作有序推进。广大师生积极参与，营造了良好氛围。学校将继续坚持以学生为中心，不断提升人才培养质量，为地方经济社会发展作出新的更大贡献。学校坚持立德树人根本任务，深化教育教学改革，推动各项工作取得新成效。学校党委高度重视，统筹部署，精心组织，确保各项工作有序推进。广大师生积极参与，营造了良好氛围。学校将继续坚持以学生为中心，不断提升人才培养质量，为地方经济社会发展作出新的更大贡献。学校坚持立德树人根本任务，深化教育教学改革，推动各项工作取得新成效。学校党委高度重视，统筹部署，精心组织，确保各项工作有序推进。广大师生积极参与，营造了良好氛围。学校将继续坚持以学生为中心，不断提升人才培养质量，为地方经济社会发展作出新的更大贡献。学校坚持立德树人根本任务，深化教育教学改革，推动各项工作取得新成效。学校党委高度重视，统筹部署，精心组织，确保各项工作有序推进。
庞志斌
　　本报讯 学校坚持立德树人根本任务，深化教育教学改革，推动各项工作取得新成效。学校党委高度重视，统筹部署，精心组织，确保各项工作有序推进。广大师生积极参与，营造了良好氛围。学校将继续坚持以学生为中心，不断提升人才培养质量，为地方经济社会发展作出新的更大贡献。学校坚持立德树人根本任务，深化教育教学改革，推动各项工作取得新成效。学校党委高度重视，统筹部署，精心组织，确保各项工作有序推进。广大师生积极参与，营造了良好氛围。学校将继续坚持以学生为中心，不断提升人才培养质量，为地方经济社会发展作出新的更大贡献。学校坚持立德树人根本任务，深化教育教学改革，推动各项工作取得新成效。学校党委高度重视，统筹部署，精心组织，确保各项工作有序推进。广大师生积极参与，营造了良好氛围。学校将继续坚持以学生为中心，不断提升人才培养质量，为地方经济社会发展作出新的更大贡献。学校坚持立德树人根本任务，深化教育教学改革，推动各项工作取得新成效。学校党委高度重视，统筹部署，精心组织，确保各项工作有序推进。广大师生积极参与，营造了良好氛围。学校将继续坚持以学生为中心，不断提升人才培养质量，为地方经济社会发展作出新的更大贡献。学校坚持立德树人根本任务，深化教育教学改革，推动各项工作取得新成效。学校党委高度重视，统筹部署，精心组织，确保各项工作有序推进。
　　本报讯 学校坚持立德树人根本任务，深化教育教学改革，推动各项工作取得新成效。学校党委高度重视，统筹部署，精心组织，确保各项工作有序推进。广大师生积极参与，营造了良好氛围。学校将继续坚持以学生为中心，不断提升人才培养质量，为地方经济社会发展作出新的更大贡献。学校坚持立德树人根本任务，深化教育教学改革，推动各项工作取得新成效。学校党委高度重视，统筹部署，精心组织，确保各项工作有序推进。广大师生积极参与，营造了良好氛围。学校将继续坚持以学生为中心，不断提升人才培养质量，为地方经济社会发展作出新的更大贡献。学校坚持立德树人根本任务，深化教育教学改革，推动各项工作取得新成效。学校党委高度重视，统筹部署，精心组织，确保各项工作有序推进。广大师生积极参与，营造了良好氛围。学校将继续坚持以学生为中心，不断提升人才培养质量，为地方经济社会发展作出新的更大贡献。学校坚持立德树人根本任务，深化教育教学改革，推动各项工作取得新成效。学校党委高度重视，统筹部署，精心组织，确保各项工作有序推进。广大师生积极参与，营造了良好氛围。学校将继续坚持以学生为中心，不断提升人才培养质量，为地方经济社会发展作出新的更大贡献。学校坚持立德树人根本任务，深化教育教学改革，推动各项工作取得新成效。学校党委高度重视，统筹部署，精心组织，确保各项工作有序推进。
李婷婷
　　本报讯 学校坚持立德树人根本任务，深化教育教学改革，推动各项工作取得新成效。学校党委高度重视，统筹部署，精心组织，确保各项工作有序推进。广大师生积极参与，营造了良好氛围。学校将继续坚持以学生为中心，不断提升人才培养质量，为地方经济社会发展作出新的更大贡献。学校坚持立德树人根本任务，深化教育教学改革，推动各项工作取得新成效。学校党委高度重视，统筹部署，精心组织，确保各项工作有序推进。广大师生积极参与，营造了良好氛围。学校将继续坚持以学生为中心，不断提升人才培养质量，为地方经济社会发展作出新的更大贡献。学校坚持立德树人根本任务，深化教育教学改革，推动各项工作取得新成效。学校党委高度重视，统筹部署，精心组织，确保各项工作有序推进。广大师生积极参与，营造了良好氛围。学校将继续坚持以学生为中心，不断提升人才培养质量，为地方经济社会发展作出新的更大贡献。学校坚持立德树人根本任务，深化教育教学改革，推动各项工作取得新成效。学校党委高度重视，统筹部署，精心组织，确保各项工作有序推进。广大师生积极参与，营造了良好氛围。学校将继续坚持以学生为中心，不断提升人才培养质量，为地方经济社会发展作出新的更大贡献。学校坚持立德树人根本任务，深化教育教学改革，推动各项工作取得新成效。学校党委高度重视，统筹部署，精心组织，确保各项工作有序推进。
　　本报讯 学校坚持立德树人根本任务，深化教育教学改革，推动各项工作取得新成效。学校党委高度重视，统筹部署，精心组织，确保各项工作有序推进。广大师生积极参与，营造了良好氛围。学校将继续坚持以学生为中心，不断提升人才培养质量，为地方经济社会发展作出新的更大贡献。学校坚持立德树人根本任务，深化教育教学改革，推动各项工作取得新成效。学校党委高度重视，统筹部署，精心组织，确保各项工作有序推进。广大师生积极参与，营造了良好氛围。学校将继续坚持以学生为中心，不断提升人才培养质量，为地方经济社会发展作出新的更大贡献。学校坚持立德树人根本任务，深化教育教学改革，推动各项工作取得新成效。学校党委高度重视，统筹部署，精心组织，确保各项工作有序推进。广大师生积极参与，营造了良好氛围。学校将继续坚持以学生为中心，不断提升人才培养质量，为地方经济社会发展作出新的更大贡献。学校坚持立德树人根本任务，深化教育教学改革，推动各项工作取得新成效。学校党委高度重视，统筹部署，精心组织，确保各项工作有序推进。广大师生积极参与，营造了良好氛围。学校将继续坚持以学生为中心，不断提升人才培养质量，为地方经济社会发展作出新的更大贡献。学校坚持立德树人根本任务，深化教育教学改革，推动各项工作取得新成效。学校党委高度重视，统筹部署，精心组织，确保各项工作有序推进。	孙思娟
　　本报讯 学校坚持立德树人根本任务，深化教育教学改革，推动各项工作取得新成效。学校党委高度重视，统筹部署，精心组织，确保各项工作有序推进。广大师生积极参与，营造了良好氛围。学校将继续坚持以学生为中心，不断提升人才培养质量，为地方经济社会发展作出新的更大贡献。学校坚持立德树人根本任务，深化教育教学改革，推动各项工作取得新成效。学校党委高度重视，统筹部署，精心组织，确保各项工作有序推进。广大师生积极参与，营造了良好氛围。学校将继续坚持以学生为中心，不断提升人才培养质量，为地方经济社会发展作出新的更大贡献。学校坚持立德树人根本任务，深化教育教学改革，推动各项工作取得新成效。学校党委高度重视，统筹部署，精心组织，确保各项工作有序推进。广大师生积极参与，营造了良好氛围。学校将继续坚持以学生为中心，不断提升人才培养质量，为地方经济社会发展作出新的更大贡献。学校坚持立德树人根本任务，深化教育教学改革，推动各项工作取得新成效。学校党委高度重视，统筹部署，精心组织，确保各项工作有序推进。广大师生积极参与，营造了良好氛围。学校将继续坚持以学生为中心，不断提升人才培养质量，为地方经济社会发展作出新的更大贡献。学校坚持立德树人根本任务，深化教育教学改革，推动各项工作取得新成效。学校党委高度重视，统筹部署，精心组织，确保各项工作有序推进。
　　本报讯 学校坚持立德树人根本任务，深化教育教学改革，推动各项工作取得新成效。学校党委高度重视，统筹部署，精心组织，确保各项工作有序推进。广大师生积极参与，营造了良好氛围。学校将继续坚持以学生为中心，不断提升人才培养质量，为地方经济社会发展作出新的更大贡献。学校坚持立德树人根本任务，深化教育教学改革，推动各项工作取得新成效。学校党委高度重视，统筹部署，精心组织，确保各项工作有序推进。广大师生积极参与，营造了良好氛围。学校将继续坚持以学生为中心，不断提升人才培养质量，为地方经济社会发展作出新的更大贡献。学校坚持立德树人根本任务，深化教育教学改革，推动各项工作取得新成效。学校党委高度重视，统筹部署，精心组织，确保各项工作有序推进。广大师生积极参与，营造了良好氛围。学校将继续坚持以学生为中心，不断提升人才培养质量，为地方经济社会发展作出新的更大贡献。学校坚持立德树人根本任务，深化教育教学改革，推动各项工作取得新成效。学校党委高度重视，统筹部署，精心组织，确保各项工作有序推进。广大师生积极参与，营造了良好氛围。学校将继续坚持以学生为中心，不断提升人才培养质量，为地方经济社会发展作出新的更大贡献。学校坚持立德树人根本任务，深化教育教学改革，推动各项工作取得新成效。学校党委高度重视，统筹部署，精心组织，确保各项工作有序推进。
岳伟丽
　　本报讯 学校坚持立德树人根本任务，深化教育教学改革，推动各项工作取得新成效。学校党委高度重视，统筹部署，精心组织，确保各项工作有序推进。广大师生积极参与，营造了良好氛围。学校将继续坚持以学生为中心，不断提升人才培养质量，为地方经济社会发展作出新的更大贡献。学校坚持立德树人根本任务，深化教育教学改革，推动各项工作取得新成效。学校党委高度重视，统筹部署，精心组织，确保各项工作有序推进。广大师生积极参与，营造了良好氛围。学校将继续坚持以学生为中心，不断提升人才培养质量，为地方经济社会发展作出新的更大贡献。学校坚持立德树人根本任务，深化教育教学改革，推动各项工作取得新成效。学校党委高度重视，统筹部署，精心组织，确保各项工作有序推进。广大师生积极参与，营造了良好氛围。学校将继续坚持以学生为中心，不断提升人才培养质量，为地方经济社会发展作出新的更大贡献。学校坚持立德树人根本任务，深化教育教学改革，推动各项工作取得新成效。学校党委高度重视，统筹部署，精心组织，确保各项工作有序推进。广大师生积极参与，营造了良好氛围。学校将继续坚持以学生为中心，不断提升人才培养质量，为地方经济社会发展作出新的更大贡献。学校坚持立德树人根本任务，深化教育教学改革，推动各项工作取得新成效。学校党委高度重视，统筹部署，精心组织，确保各项工作有序推进。
　　本报讯 学校坚持立德树人根本任务，深化教育教学改革，推动各项工作取得新成效。学校党委高度重视，统筹部署，精心组织，确保各项工作有序推进。广大师生积极参与，营造了良好氛围。学校将继续坚持以学生为中心，不断提升人才培养质量，为地方经济社会发展作出新的更大贡献。学校坚持立德树人根本任务，深化教育教学改革，推动各项工作取得新成效。学校党委高度重视，统筹部署，精心组织，确保各项工作有序推进。广大师生积极参与，营造了良好氛围。学校将继续坚持以学生为中心，不断提升人才培养质量，为地方经济社会发展作出新的更大贡献。学校坚持立德树人根本任务，深化教育教学改革，推动各项工作取得新成效。学校党委高度重视，统筹部署，精心组织，确保各项工作有序推进。广大师生积极参与，营造了良好氛围。学校将继续坚持以学生为中心，不断提升人才培养质量，为地方经济社会发展作出新的更大贡献。学校坚持立德树人根本任务，深化教育教学改革，推动各项工作取得新成效。学校党委高度重视，统筹部署，精心组织，确保各项工作有序推进。广大师生积极参与，营造了良好氛围。学校将继续坚持以学生为中心，不断提升人才培养质量，为地方经济社会发展作出新的更大贡献。学校坚持立德树人根本任务，深化教育教学改革，推动各项工作取得新成效。学校党委高度重视，统筹部署，精心组织，确保各项工作有序推进。
